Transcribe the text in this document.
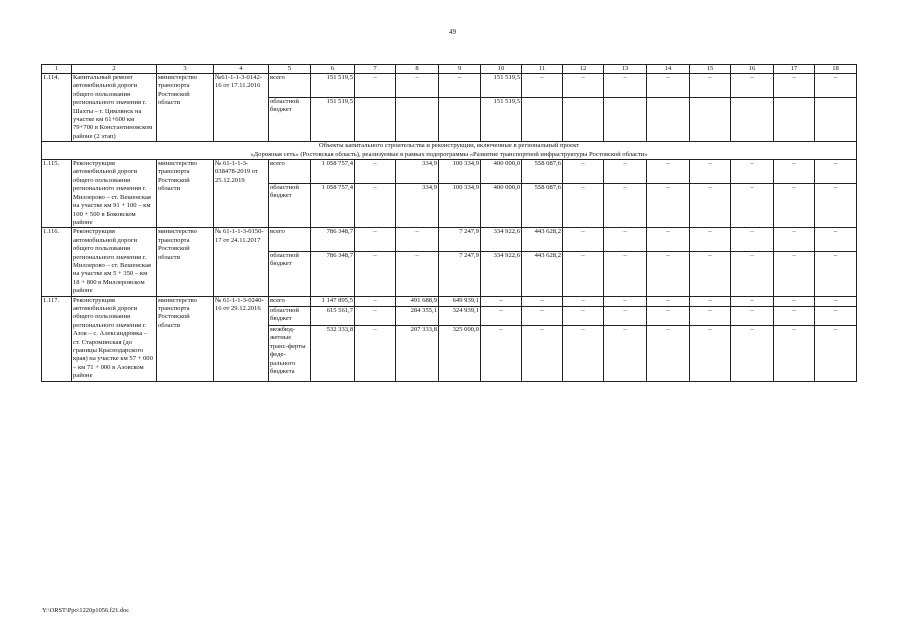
49
1	2	3	4	5	6	7	8	9	10	11	12	13	14	15	16	17	18
1.114.	Капитальный ремонт автомобильной дороги общего пользования регионального значения г. Шахты – г. Цимлянск на участке км 61+600 км 79+700 в Константиновском районе (2 этап)	министерство транспорта Ростовской области	№61-1-1-3-0142-16 от 17.11.2016	всего	151 519,5	–	–	–	151 519,5	–	–	–	–	–	–	–	–
				областной бюджет	151 519,5				151 519,5								

Объекты капитального строительства и реконструкции, включенные в региональный проект
«Дорожная сеть» (Ростовская область), реализуемые в рамках подпрограммы «Развитие транспортной инфраструктуры Ростовской области»																	

1.115.	Реконструкция автомобильной дороги общего пользования регионального значения г. Миллерово – ст. Вешенская на участке км 91 + 100 – км 100 + 500 в Боковском районе	министерство транспорта Ростовской области	№ 61-1-1-3-038478-2019 от 25.12.2019	всего	1 058 757,4	–	334,9	100 334,9	400 000,0	558 087,6	–	–	–	–	–	–	–
				областной бюджет	1 058 757,4	–	334,9	100 334,9	400 000,0	558 087,6	–	–	–	–	–	–	–
1.116.	Реконструкция автомобильной дороги общего пользования регионального значения г. Миллерово – ст. Вешенская на участке км 5 + 350 – км 18 + 800 в Миллеровском районе	министерство транспорта Ростовской области	№ 61-1-1-3-0150-17 от 24.11.2017	всего	786 348,7	–	–	7 247,9	334 922,6	443 628,2	–	–	–	–	–	–	–
				областной бюджет	786 348,7	–	–	7 247,9	334 922,6	443 628,2	–	–	–	–	–	–	–
1.117.	Реконструкция автомобильной дороги общего пользования регионального значения г. Азов – с. Александровка – ст. Староминская (до границы Краснодарского края) на участке км 57 + 000 – км 71 + 000 в Азовском районе	министерство транспорта Ростовской области	№ 61-1-1-3-0240-16 от 29.12.2016	всего	1 147 895,5	–	491 688,9	649 939,1	–	–	–	–	–	–	–	–	–
				областной бюджет	615 561,7	–	284 355,1	324 939,1	–	–	–	–	–	–	–	–	–
				межбюд-жетные транс-ферты феде-рального бюджета	532 333,8	–	207 333,8	325 000,0	–	–	–	–	–	–	–	–	–
Y:\ORST\Ppo\1220p1056.f21.doc
